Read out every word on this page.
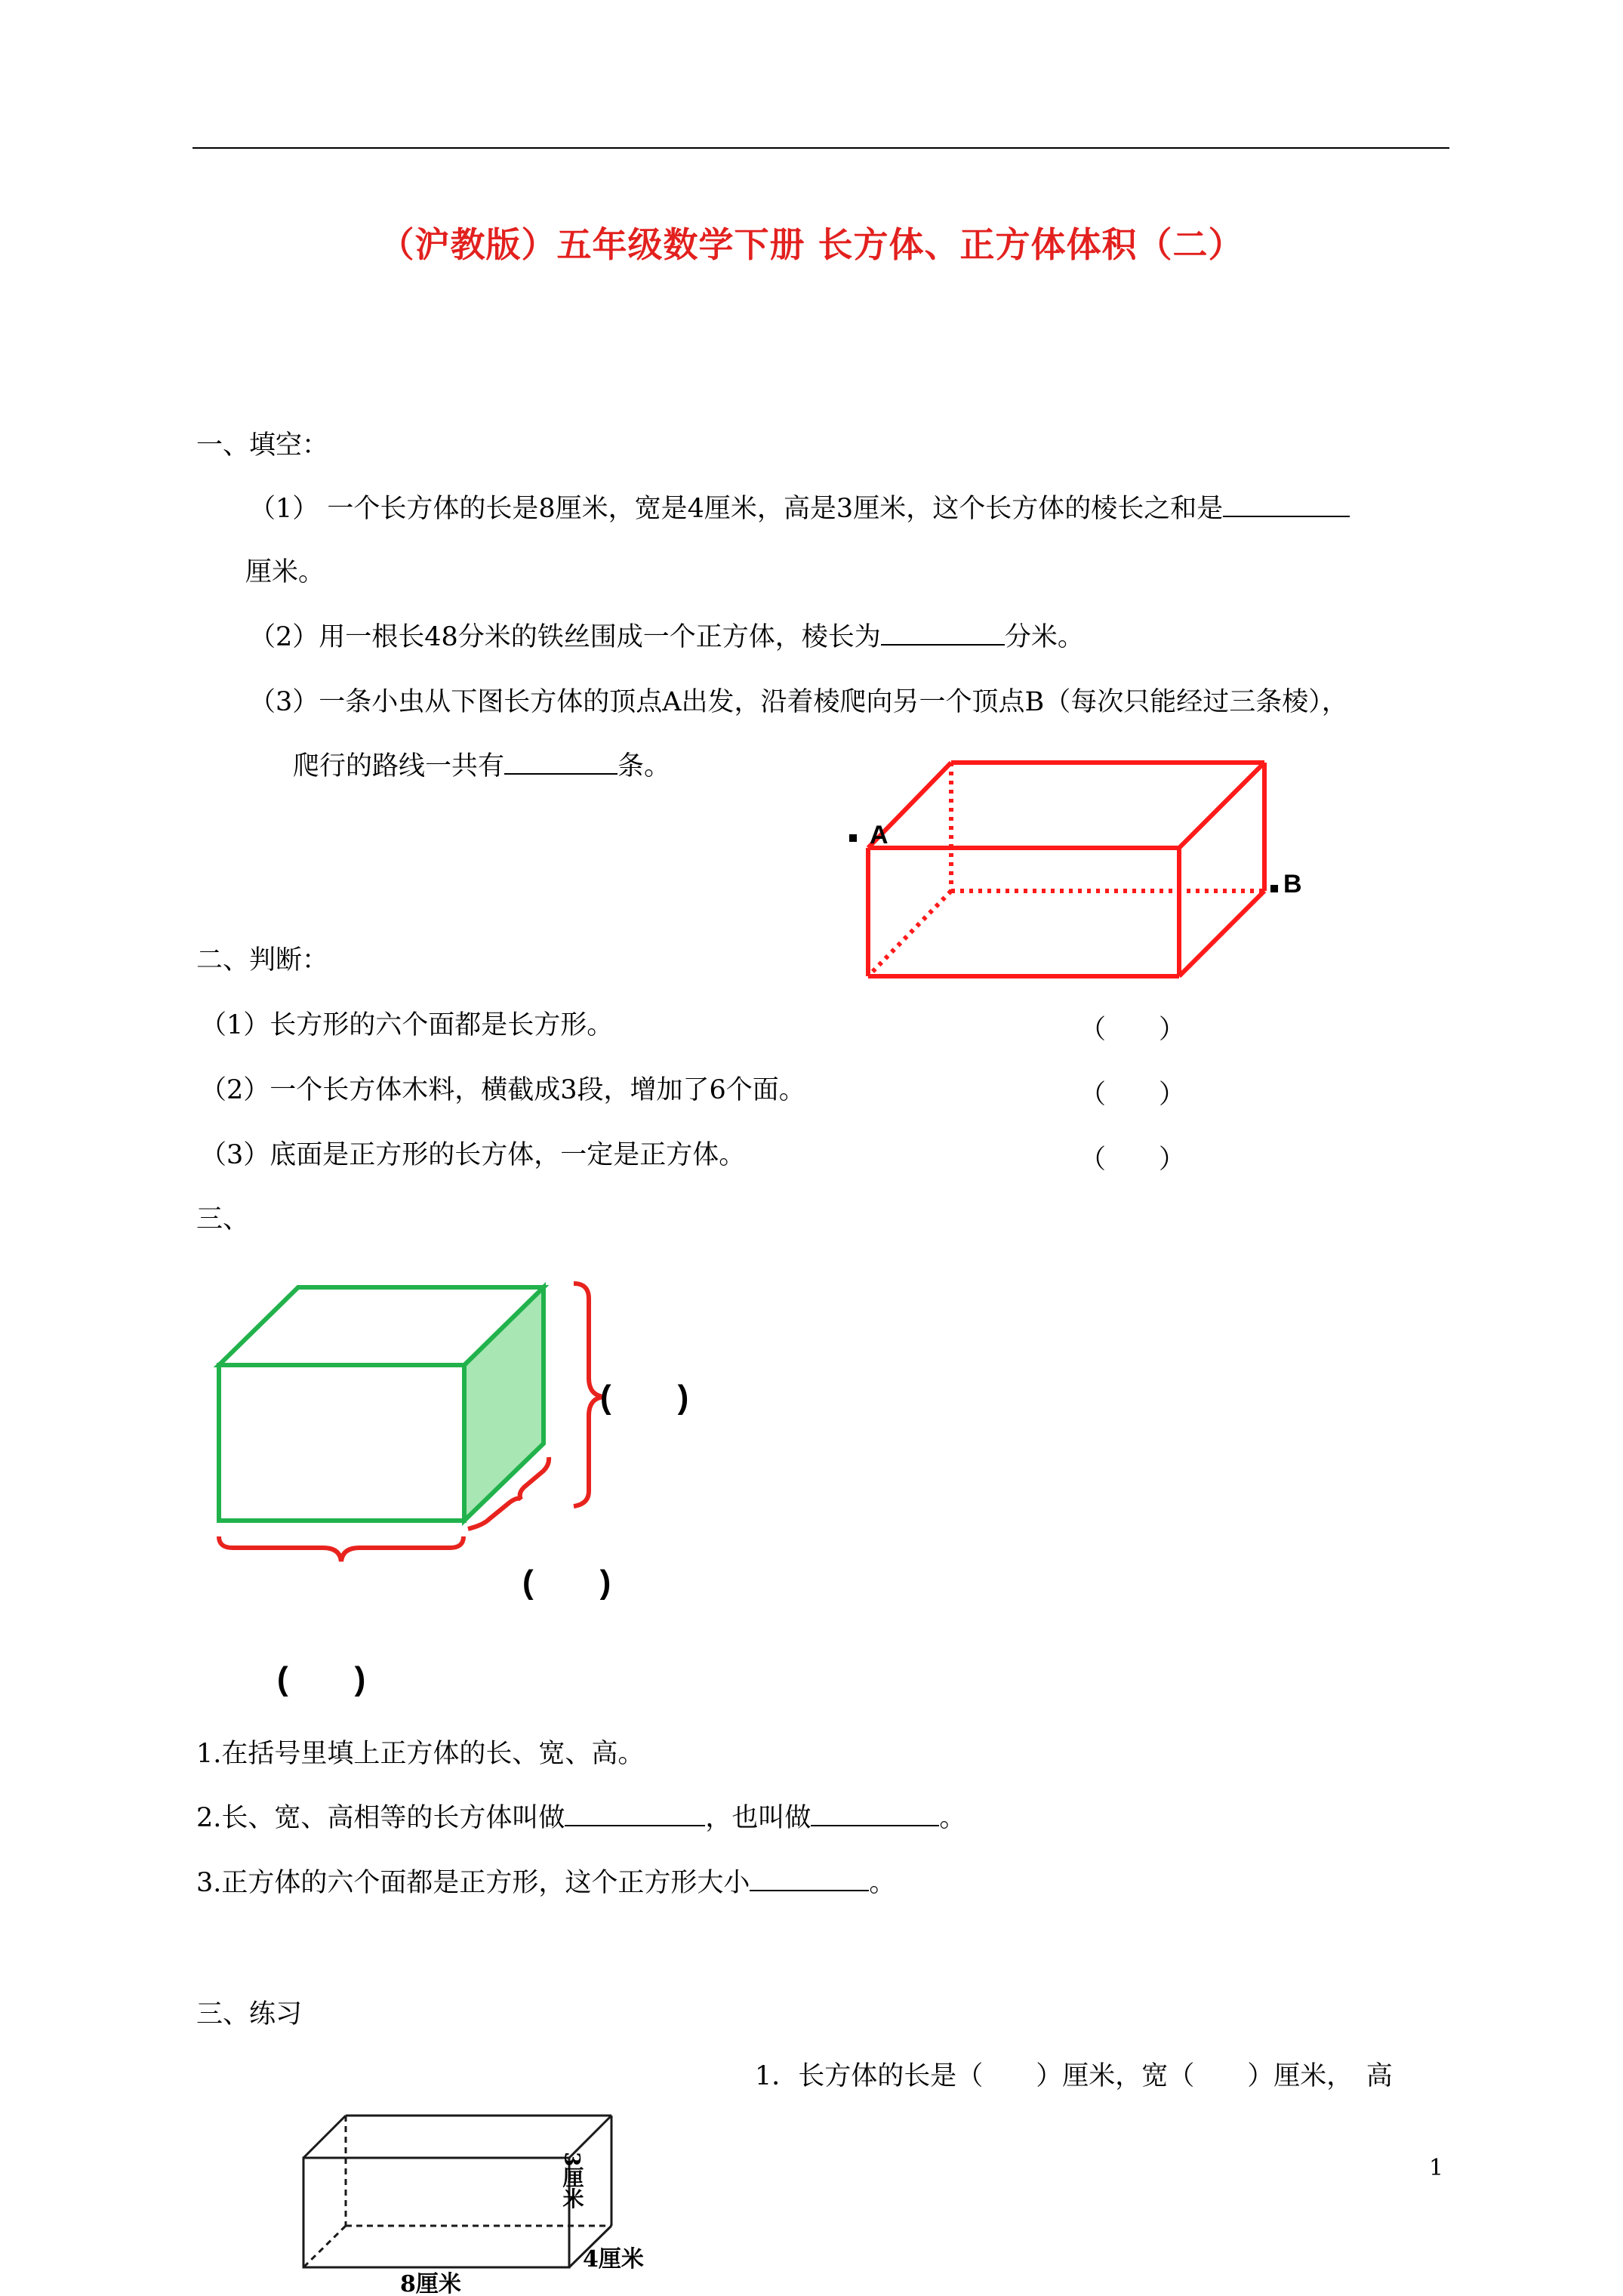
（沪教版）五年级数学下册 长方体、正方体体积（二）
一、填空：
（1） 一个长方体的长是8厘米，宽是4厘米，高是3厘米，这个长方体的棱长之和是
厘米。
（2）用一根长48分米的铁丝围成一个正方体，棱长为	分米。
（3）一条小虫从下图长方体的顶点A出发，沿着棱爬向另一个顶点B（每次只能经过三条棱），
爬行的路线一共有	条。
A
B
二、判断：
（1）长方形的六个面都是长方形。	（　　）
（2）一个长方体木料，横截成3段，增加了6个面。	（　　）
（3）底面是正方形的长方体，一定是正方体。	（　　）
三、
(　　)
(　　)
(　　)
1.在括号里填上正方体的长、宽、高。
2.长、宽、高相等的长方体叫做	，也叫做	。
3.正方体的六个面都是正方形，这个正方形大小	。
三、练习
1．长方体的长是（　　）厘米，宽（　　）厘米，　高
8厘米
4厘米
3厘米	1
